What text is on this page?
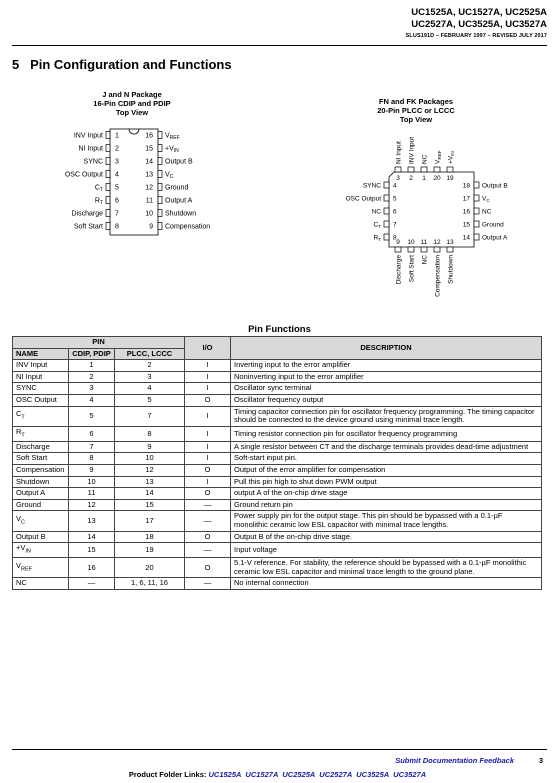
UC1525A, UC1527A, UC2525A
UC2527A, UC3525A, UC3527A
SLUS191D – FEBRUARY 1997 – REVISED JULY 2017
5 Pin Configuration and Functions
J and N Package
16-Pin CDIP and PDIP
Top View
1
INV Input
2
NI Input
3
SYNC
4
OSC Output
5
$C_T$
6
$R_T$
7
Discharge
8
Soft Start
16 $V_{REF}$
$15 +V_{IN}$
14 Output B
13 $V_C$
12 Ground
11 Output A
10 Shutdown
9 Compensation
FN and FK Packages
20-Pin PLCC or LCCC
Top View
3
NI Input
2
INV Input
1
NC
20
$V_{REF}$
19
$+V_{IN}$
4
SYNC
5
OSC Output
6
NC
7
$C_T$
8
$R_T$
18 Output B
17 $V_C$
16 NC
15 Ground
14 Output A
9
Discharge
10
Soft Start
11
NC
12
Compensation
13
Shutdown
Pin Functions
PIN			I/O	DESCRIPTION
NAME	CDIP, PDIP	PLCC, LCCC		
INV Input	1	2	I	Inverting input to the error amplifier
NI Input	2	3	I	Noninverting input to the error amplifier
SYNC	3	4	I	Oscillator sync terminal
OSC Output	4	5	O	Oscillator frequency output
$C_T$	5	7	I	Timing capacitor connection pin for oscillator frequency programming. The timing capacitor should be connected to the device ground using minimal trace length.
$R_T$	6	8	I	Timing resistor connection pin for oscillator frequency programming
Discharge	7	9	I	A single resistor between CT and the discharge terminals provides dead-time adjustment
Soft Start	8	10	I	Soft-start input pin.
Compensation	9	12	O	Output of the error amplifier for compensation
Shutdown	10	13	I	Pull this pin high to shut down PWM output
Output A	11	14	O	output A of the on-chip drive stage
Ground	12	15	—	Ground return pin
$V_C$	13	17	—	Power supply pin for the output stage. This pin should be bypassed with a 0.1-µF monolithic ceramic low ESL capacitor with minimal trace lengths.
Output B	14	18	O	Output B of the on-chip drive stage.
$+V_{IN}$	15	19	—	Input voltage
$V_{REF}$	16	20	O	5.1-V reference. For stability, the reference should be bypassed with a 0.1-µF monolithic ceramic low ESL capacitor and minimal trace length to the ground plane.
NC	—	1, 6, 11, 16	—	No internal connection
Submit Documentation Feedback	3
Product Folder Links: UC1525A UC1527A UC2525A UC2527A UC3525A UC3527A
